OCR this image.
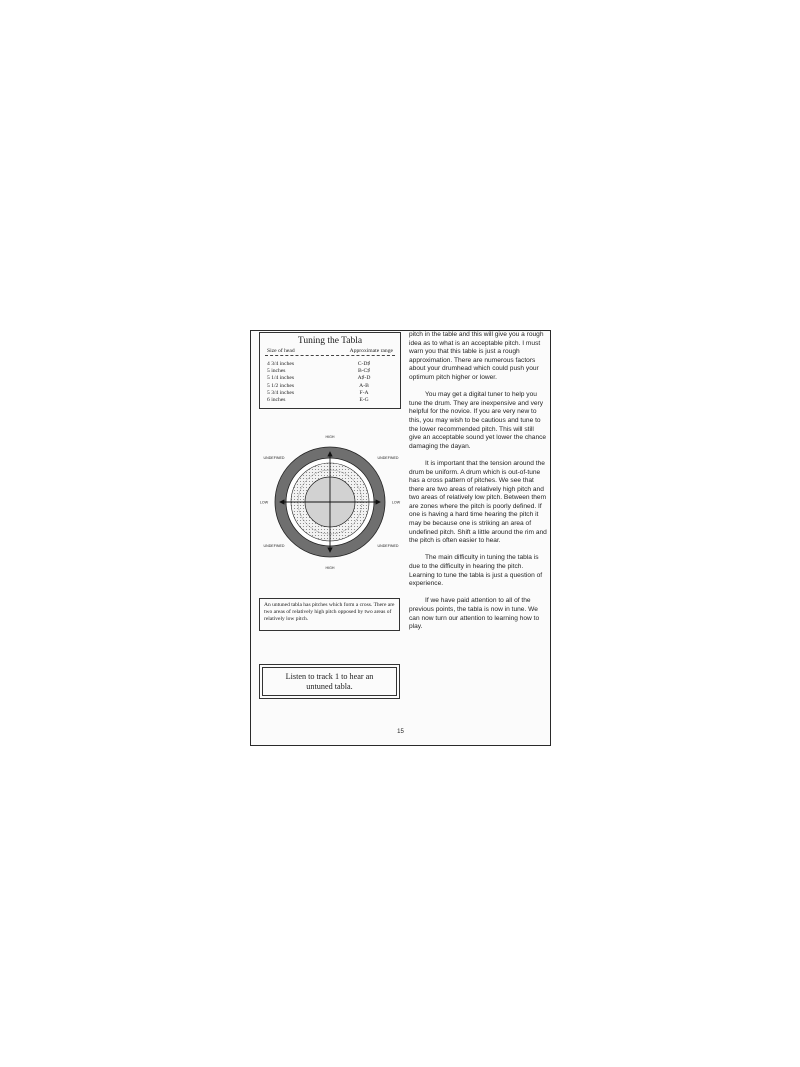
Tuning the Tabla
Size of head	Approximate range
4 3/4 inches	C-D♯
5 inches	B-C♯
5 1/4 inches	A♯-D
5 1/2 inches	A-B
5 3/4 inches	F-A
6 inches	E-G
HIGH
HIGH
LOW	LOW
UNDEFINED	UNDEFINED
UNDEFINED	UNDEFINED
An untuned tabla has pitches which form a cross. There are two areas of relatively high pitch opposed by two areas of relatively low pitch.
Listen to track 1 to hear an untuned tabla.

pitch in the table and this will give you a rough idea as to what is an acceptable pitch. I must warn you that this table is just a rough approximation. There are numerous factors about your drumhead which could push your optimum pitch higher or lower.

You may get a digital tuner to help you tune the drum. They are inexpensive and very helpful for the novice. If you are very new to this, you may wish to be cautious and tune to the lower recommended pitch. This will still give an acceptable sound yet lower the chance damaging the dayan.

It is important that the tension around the drum be uniform. A drum which is out-of-tune has a cross pattern of pitches. We see that there are two areas of relatively high pitch and two areas of relatively low pitch. Between them are zones where the pitch is poorly defined. If one is having a hard time hearing the pitch it may be because one is striking an area of undefined pitch. Shift a little around the rim and the pitch is often easier to hear.

The main difficulty in tuning the tabla is due to the difficulty in hearing the pitch. Learning to tune the tabla is just a question of experience.

If we have paid attention to all of the previous points, the tabla is now in tune. We can now turn our attention to learning how to play.

15
